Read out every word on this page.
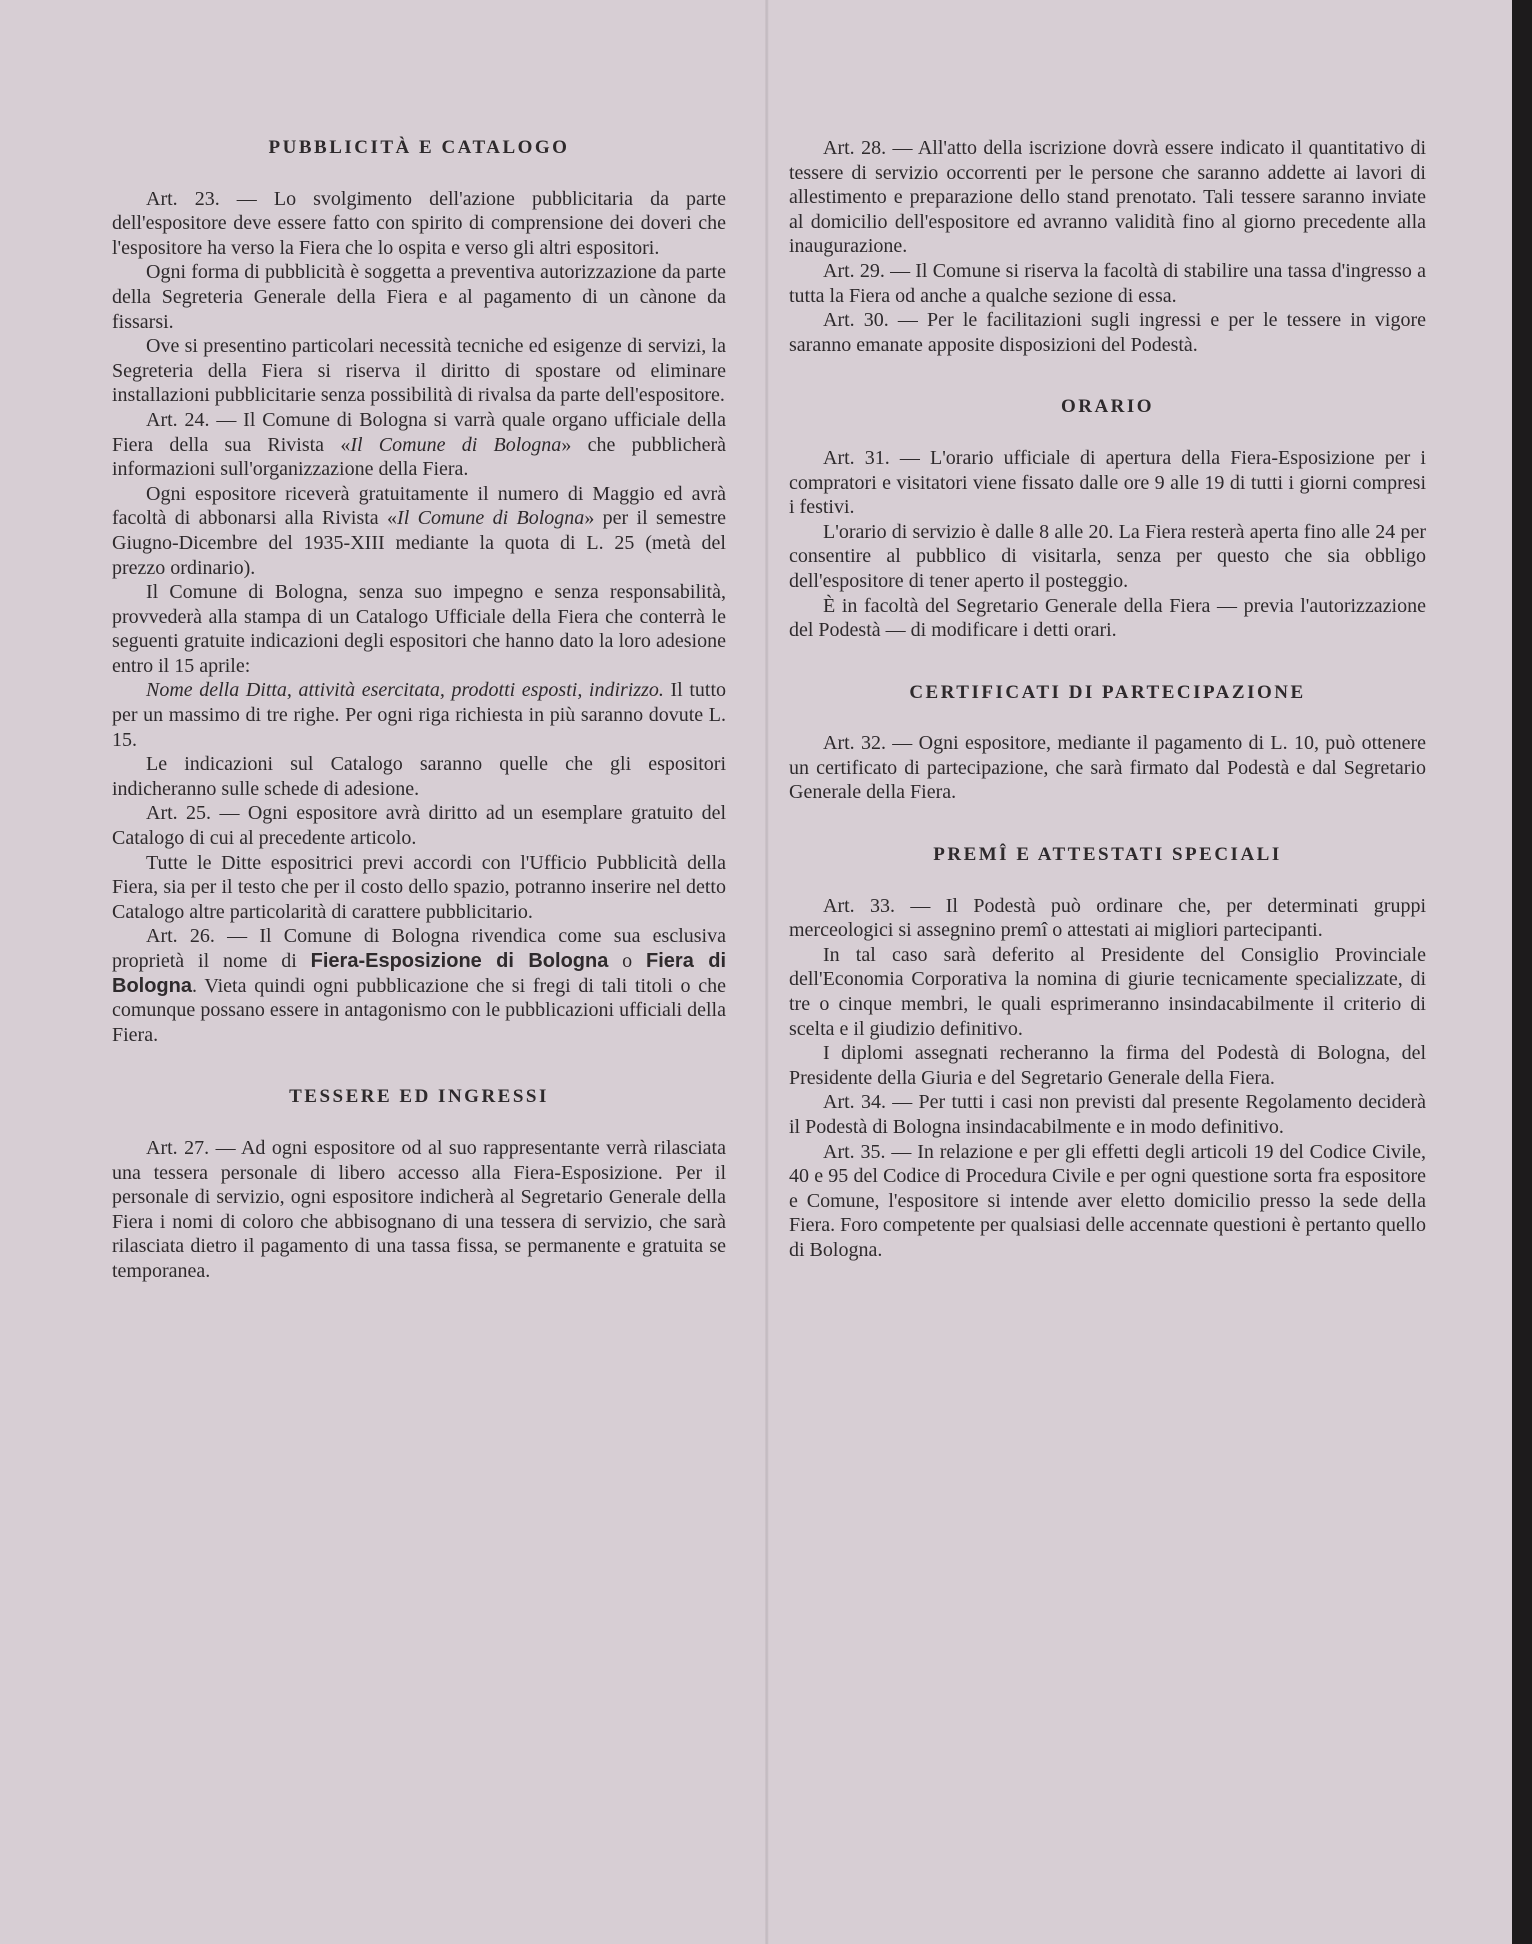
PUBBLICITÀ E CATALOGO

Art. 23. — Lo svolgimento dell'azione pubblicitaria da parte dell'espositore deve essere fatto con spirito di comprensione dei doveri che l'espositore ha verso la Fiera che lo ospita e verso gli altri espositori.

Ogni forma di pubblicità è soggetta a preventiva autorizzazione da parte della Segreteria Generale della Fiera e al pagamento di un cànone da fissarsi.

Ove si presentino particolari necessità tecniche ed esigenze di servizi, la Segreteria della Fiera si riserva il diritto di spostare od eliminare installazioni pubblicitarie senza possibilità di rivalsa da parte dell'espositore.

Art. 24. — Il Comune di Bologna si varrà quale organo ufficiale della Fiera della sua Rivista «Il Comune di Bologna» che pubblicherà informazioni sull'organizzazione della Fiera.

Ogni espositore riceverà gratuitamente il numero di Maggio ed avrà facoltà di abbonarsi alla Rivista «Il Comune di Bologna» per il semestre Giugno-Dicembre del 1935-XIII mediante la quota di L. 25 (metà del prezzo ordinario).

Il Comune di Bologna, senza suo impegno e senza responsabilità, provvederà alla stampa di un Catalogo Ufficiale della Fiera che conterrà le seguenti gratuite indicazioni degli espositori che hanno dato la loro adesione entro il 15 aprile:

Nome della Ditta, attività esercitata, prodotti esposti, indirizzo. Il tutto per un massimo di tre righe. Per ogni riga richiesta in più saranno dovute L. 15.

Le indicazioni sul Catalogo saranno quelle che gli espositori indicheranno sulle schede di adesione.

Art. 25. — Ogni espositore avrà diritto ad un esemplare gratuito del Catalogo di cui al precedente articolo.

Tutte le Ditte espositrici previ accordi con l'Ufficio Pubblicità della Fiera, sia per il testo che per il costo dello spazio, potranno inserire nel detto Catalogo altre particolarità di carattere pubblicitario.

Art. 26. — Il Comune di Bologna rivendica come sua esclusiva proprietà il nome di Fiera-Esposizione di Bologna o Fiera di Bologna. Vieta quindi ogni pubblicazione che si fregi di tali titoli o che comunque possano essere in antagonismo con le pubblicazioni ufficiali della Fiera.

TESSERE ED INGRESSI

Art. 27. — Ad ogni espositore od al suo rappresentante verrà rilasciata una tessera personale di libero accesso alla Fiera-Esposizione. Per il personale di servizio, ogni espositore indicherà al Segretario Generale della Fiera i nomi di coloro che abbisognano di una tessera di servizio, che sarà rilasciata dietro il pagamento di una tassa fissa, se permanente e gratuita se temporanea.

Art. 28. — All'atto della iscrizione dovrà essere indicato il quantitativo di tessere di servizio occorrenti per le persone che saranno addette ai lavori di allestimento e preparazione dello stand prenotato. Tali tessere saranno inviate al domicilio dell'espositore ed avranno validità fino al giorno precedente alla inaugurazione.

Art. 29. — Il Comune si riserva la facoltà di stabilire una tassa d'ingresso a tutta la Fiera od anche a qualche sezione di essa.

Art. 30. — Per le facilitazioni sugli ingressi e per le tessere in vigore saranno emanate apposite disposizioni del Podestà.

ORARIO

Art. 31. — L'orario ufficiale di apertura della Fiera-Esposizione per i compratori e visitatori viene fissato dalle ore 9 alle 19 di tutti i giorni compresi i festivi.

L'orario di servizio è dalle 8 alle 20. La Fiera resterà aperta fino alle 24 per consentire al pubblico di visitarla, senza per questo che sia obbligo dell'espositore di tener aperto il posteggio.

È in facoltà del Segretario Generale della Fiera — previa l'autorizzazione del Podestà — di modificare i detti orari.

CERTIFICATI DI PARTECIPAZIONE

Art. 32. — Ogni espositore, mediante il pagamento di L. 10, può ottenere un certificato di partecipazione, che sarà firmato dal Podestà e dal Segretario Generale della Fiera.

PREMÎ E ATTESTATI SPECIALI

Art. 33. — Il Podestà può ordinare che, per determinati gruppi merceologici si assegnino premî o attestati ai migliori partecipanti.

In tal caso sarà deferito al Presidente del Consiglio Provinciale dell'Economia Corporativa la nomina di giurie tecnicamente specializzate, di tre o cinque membri, le quali esprimeranno insindacabilmente il criterio di scelta e il giudizio definitivo.

I diplomi assegnati recheranno la firma del Podestà di Bologna, del Presidente della Giuria e del Segretario Generale della Fiera.

Art. 34. — Per tutti i casi non previsti dal presente Regolamento deciderà il Podestà di Bologna insindacabilmente e in modo definitivo.

Art. 35. — In relazione e per gli effetti degli articoli 19 del Codice Civile, 40 e 95 del Codice di Procedura Civile e per ogni questione sorta fra espositore e Comune, l'espositore si intende aver eletto domicilio presso la sede della Fiera. Foro competente per qualsiasi delle accennate questioni è pertanto quello di Bologna.
